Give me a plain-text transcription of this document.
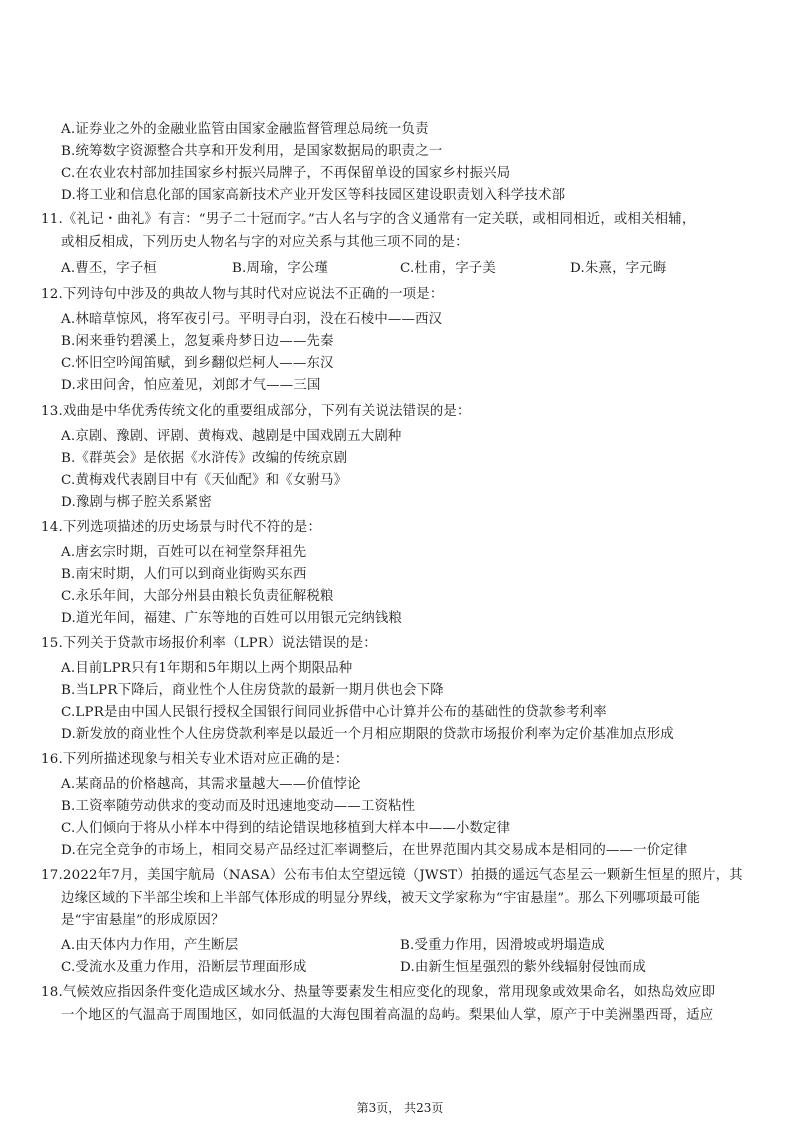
A.证券业之外的金融业监管由国家金融监督管理总局统一负责
B.统筹数字资源整合共享和开发利用，是国家数据局的职责之一
C.在农业农村部加挂国家乡村振兴局牌子，不再保留单设的国家乡村振兴局
D.将工业和信息化部的国家高新技术产业开发区等科技园区建设职责划入科学技术部
11.《礼记・曲礼》有言：“男子二十冠而字。”古人名与字的含义通常有一定关联，或相同相近，或相关相辅，
或相反相成，下列历史人物名与字的对应关系与其他三项不同的是：
A.曹丕，字子桓	B.周瑜，字公瑾	C.杜甫，字子美	D.朱熹，字元晦
12.下列诗句中涉及的典故人物与其时代对应说法不正确的一项是：
A.林暗草惊风，将军夜引弓。平明寻白羽，没在石棱中——西汉
B.闲来垂钓碧溪上，忽复乘舟梦日边——先秦
C.怀旧空吟闻笛赋，到乡翻似烂柯人——东汉
D.求田问舍，怕应羞见，刘郎才气——三国
13.戏曲是中华优秀传统文化的重要组成部分，下列有关说法错误的是：
A.京剧、豫剧、评剧、黄梅戏、越剧是中国戏剧五大剧种
B.《群英会》是依据《水浒传》改编的传统京剧
C.黄梅戏代表剧目中有《天仙配》和《女驸马》
D.豫剧与梆子腔关系紧密
14.下列选项描述的历史场景与时代不符的是：
A.唐玄宗时期，百姓可以在祠堂祭拜祖先
B.南宋时期，人们可以到商业街购买东西
C.永乐年间，大部分州县由粮长负责征解税粮
D.道光年间，福建、广东等地的百姓可以用银元完纳钱粮
15.下列关于贷款市场报价利率（LPR）说法错误的是：
A.目前LPR只有1年期和5年期以上两个期限品种
B.当LPR下降后，商业性个人住房贷款的最新一期月供也会下降
C.LPR是由中国人民银行授权全国银行间同业拆借中心计算并公布的基础性的贷款参考利率
D.新发放的商业性个人住房贷款利率是以最近一个月相应期限的贷款市场报价利率为定价基准加点形成
16.下列所描述现象与相关专业术语对应正确的是：
A.某商品的价格越高，其需求量越大——价值悖论
B.工资率随劳动供求的变动而及时迅速地变动——工资粘性
C.人们倾向于将从小样本中得到的结论错误地移植到大样本中——小数定律
D.在完全竞争的市场上，相同交易产品经过汇率调整后，在世界范围内其交易成本是相同的——一价定律
17.2022年7月，美国宇航局（NASA）公布韦伯太空望远镜（JWST）拍摄的遥远气态星云一颗新生恒星的照片，其
边缘区域的下半部尘埃和上半部气体形成的明显分界线，被天文学家称为“宇宙悬崖”。那么下列哪项最可能
是“宇宙悬崖”的形成原因？
A.由天体内力作用，产生断层	B.受重力作用，因滑坡或坍塌造成
C.受流水及重力作用，沿断层节理面形成	D.由新生恒星强烈的紫外线辐射侵蚀而成
18.气候效应指因条件变化造成区域水分、热量等要素发生相应变化的现象，常用现象或效果命名，如热岛效应即
一个地区的气温高于周围地区，如同低温的大海包围着高温的岛屿。梨果仙人掌，原产于中美洲墨西哥，适应
第3页， 共23页
